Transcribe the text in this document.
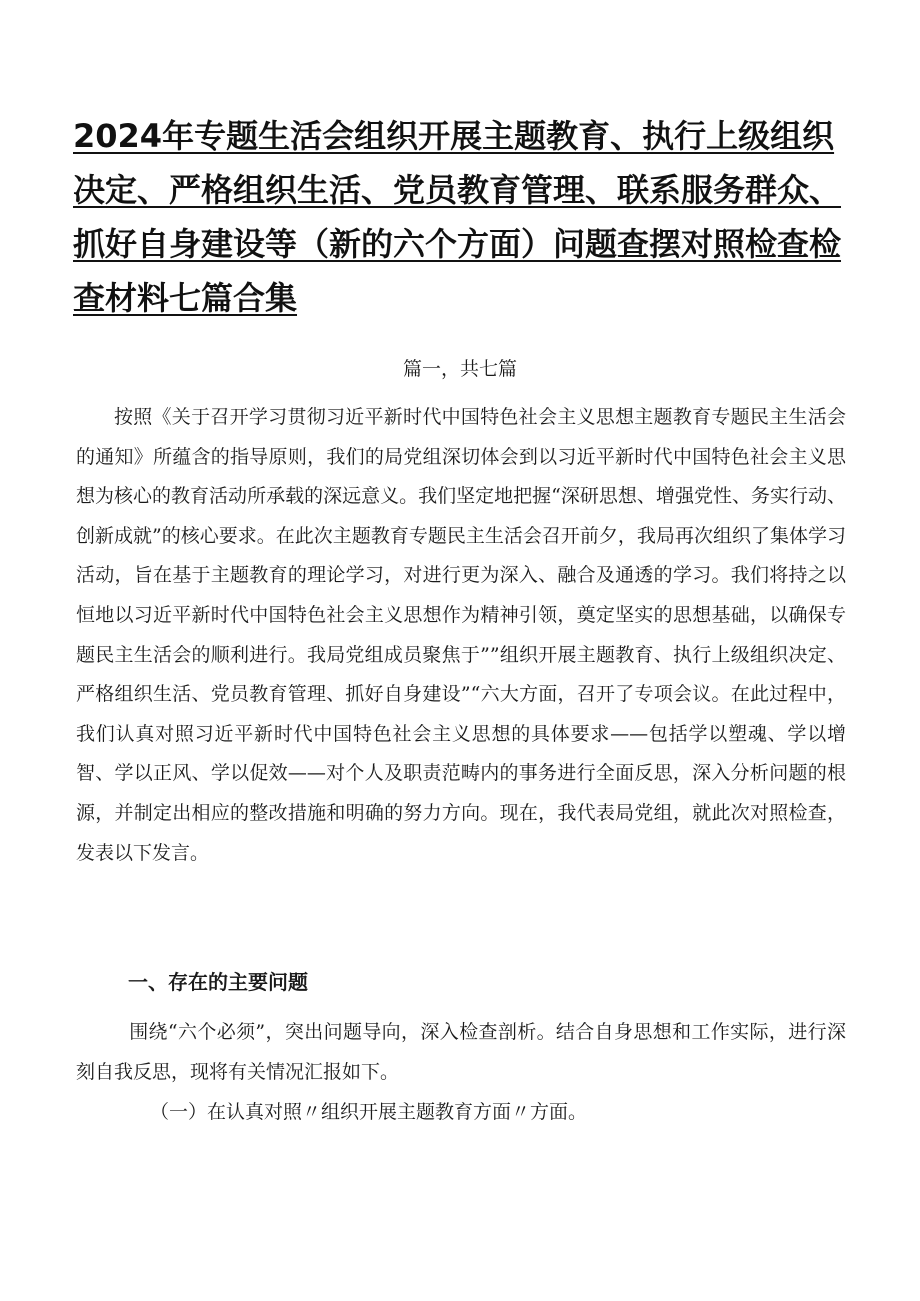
2024年专题生活会组织开展主题教育、执行上级组织决定、严格组织生活、党员教育管理、联系服务群众、抓好自身建设等（新的六个方面）问题查摆对照检查检查材料七篇合集

篇一，共七篇

按照《关于召开学习贯彻习近平新时代中国特色社会主义思想主题教育专题民主生活会的通知》所蕴含的指导原则，我们的局党组深切体会到以习近平新时代中国特色社会主义思想为核心的教育活动所承载的深远意义。我们坚定地把握“深研思想、增强党性、务实行动、创新成就”的核心要求。在此次主题教育专题民主生活会召开前夕，我局再次组织了集体学习活动，旨在基于主题教育的理论学习，对进行更为深入、融合及通透的学习。我们将持之以恒地以习近平新时代中国特色社会主义思想作为精神引领，奠定坚实的思想基础，以确保专题民主生活会的顺利进行。我局党组成员聚焦于””组织开展主题教育、执行上级组织决定、严格组织生活、党员教育管理、抓好自身建设”“六大方面，召开了专项会议。在此过程中，我们认真对照习近平新时代中国特色社会主义思想的具体要求——包括学以塑魂、学以增智、学以正风、学以促效——对个人及职责范畴内的事务进行全面反思，深入分析问题的根源，并制定出相应的整改措施和明确的努力方向。现在，我代表局党组，就此次对照检查，发表以下发言。

一、存在的主要问题

围绕“六个必须”，突出问题导向，深入检查剖析。结合自身思想和工作实际，进行深刻自我反思，现将有关情况汇报如下。

（一）在认真对照〃组织开展主题教育方面〃方面。
